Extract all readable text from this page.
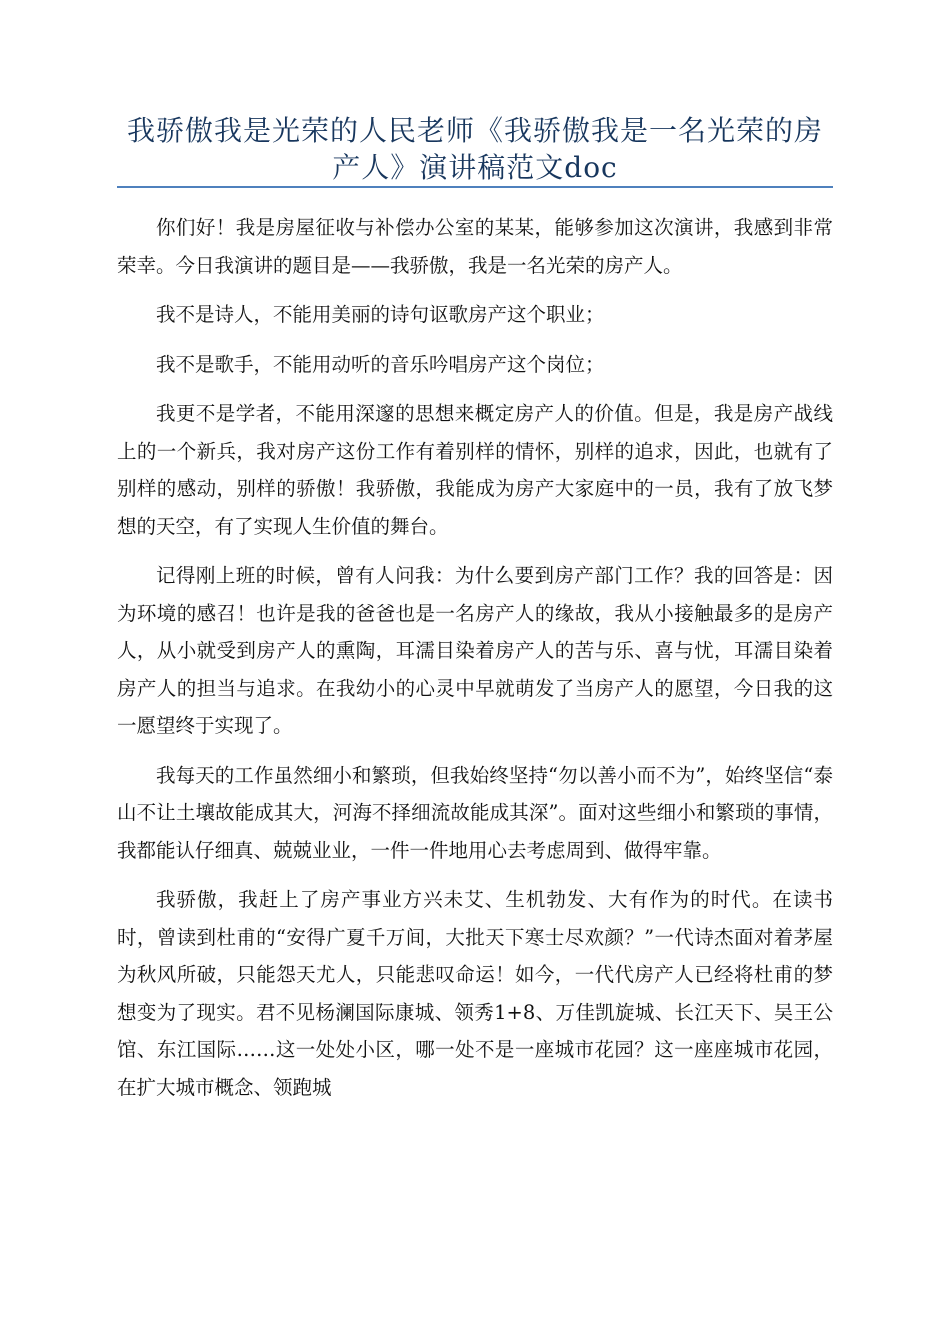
我骄傲我是光荣的人民老师《我骄傲我是一名光荣的房产人》演讲稿范文doc

你们好！我是房屋征收与补偿办公室的某某，能够参加这次演讲，我感到非常荣幸。今日我演讲的题目是——我骄傲，我是一名光荣的房产人。

我不是诗人，不能用美丽的诗句讴歌房产这个职业；

我不是歌手，不能用动听的音乐吟唱房产这个岗位；

我更不是学者，不能用深邃的思想来概定房产人的价值。但是，我是房产战线上的一个新兵，我对房产这份工作有着别样的情怀，别样的追求，因此，也就有了别样的感动，别样的骄傲！我骄傲，我能成为房产大家庭中的一员，我有了放飞梦想的天空，有了实现人生价值的舞台。

记得刚上班的时候，曾有人问我：为什么要到房产部门工作？我的回答是：因为环境的感召！也许是我的爸爸也是一名房产人的缘故，我从小接触最多的是房产人，从小就受到房产人的熏陶，耳濡目染着房产人的苦与乐、喜与忧，耳濡目染着房产人的担当与追求。在我幼小的心灵中早就萌发了当房产人的愿望，今日我的这一愿望终于实现了。

我每天的工作虽然细小和繁琐，但我始终坚持“勿以善小而不为”，始终坚信“泰山不让土壤故能成其大，河海不择细流故能成其深”。面对这些细小和繁琐的事情，我都能认仔细真、兢兢业业，一件一件地用心去考虑周到、做得牢靠。

我骄傲，我赶上了房产事业方兴未艾、生机勃发、大有作为的时代。在读书时，曾读到杜甫的“安得广夏千万间，大批天下寒士尽欢颜？”一代诗杰面对着茅屋为秋风所破，只能怨天尤人，只能悲叹命运！如今，一代代房产人已经将杜甫的梦想变为了现实。君不见杨澜国际康城、领秀1+8、万佳凯旋城、长江天下、吴王公馆、东江国际……这一处处小区，哪一处不是一座城市花园？这一座座城市花园，在扩大城市概念、领跑城
